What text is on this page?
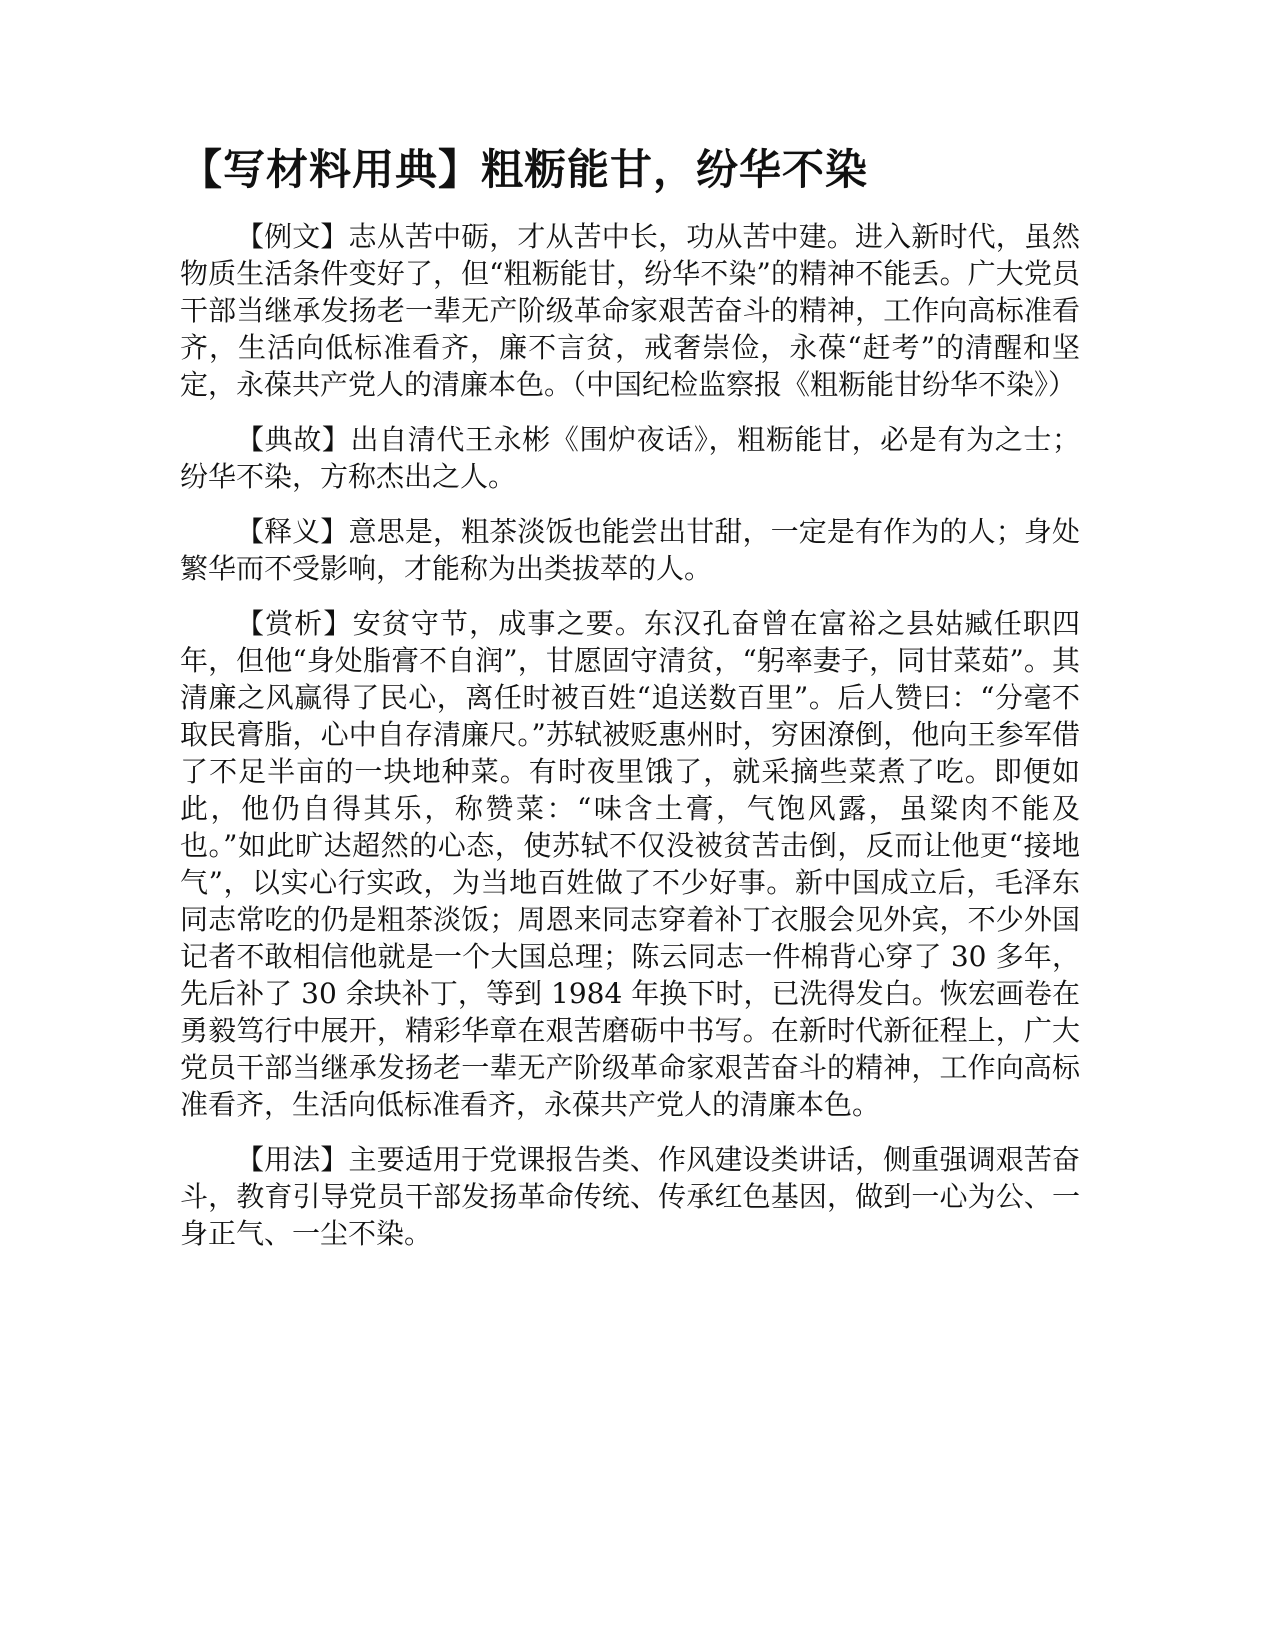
【写材料用典】粗粝能甘，纷华不染

【例文】志从苦中砺，才从苦中长，功从苦中建。进入新时代，虽然物质生活条件变好了，但“粗粝能甘，纷华不染”的精神不能丢。广大党员干部当继承发扬老一辈无产阶级革命家艰苦奋斗的精神，工作向高标准看齐，生活向低标准看齐，廉不言贫，戒奢崇俭，永葆“赶考”的清醒和坚定，永葆共产党人的清廉本色。（中国纪检监察报《粗粝能甘纷华不染》）

【典故】出自清代王永彬《围炉夜话》，粗粝能甘，必是有为之士；纷华不染，方称杰出之人。

【释义】意思是，粗茶淡饭也能尝出甘甜，一定是有作为的人；身处繁华而不受影响，才能称为出类拔萃的人。

【赏析】安贫守节，成事之要。东汉孔奋曾在富裕之县姑臧任职四年，但他“身处脂膏不自润”，甘愿固守清贫，“躬率妻子，同甘菜茹”。其清廉之风赢得了民心，离任时被百姓“追送数百里”。后人赞曰：“分毫不取民膏脂，心中自存清廉尺。”苏轼被贬惠州时，穷困潦倒，他向王参军借了不足半亩的一块地种菜。有时夜里饿了，就采摘些菜煮了吃。即便如此，他仍自得其乐，称赞菜：“味含土膏，气饱风露，虽粱肉不能及也。”如此旷达超然的心态，使苏轼不仅没被贫苦击倒，反而让他更“接地气”，以实心行实政，为当地百姓做了不少好事。新中国成立后，毛泽东同志常吃的仍是粗茶淡饭；周恩来同志穿着补丁衣服会见外宾，不少外国记者不敢相信他就是一个大国总理；陈云同志一件棉背心穿了 30 多年，先后补了 30 余块补丁，等到 1984 年换下时，已洗得发白。恢宏画卷在勇毅笃行中展开，精彩华章在艰苦磨砺中书写。在新时代新征程上，广大党员干部当继承发扬老一辈无产阶级革命家艰苦奋斗的精神，工作向高标准看齐，生活向低标准看齐，永葆共产党人的清廉本色。

【用法】主要适用于党课报告类、作风建设类讲话，侧重强调艰苦奋斗，教育引导党员干部发扬革命传统、传承红色基因，做到一心为公、一身正气、一尘不染。
